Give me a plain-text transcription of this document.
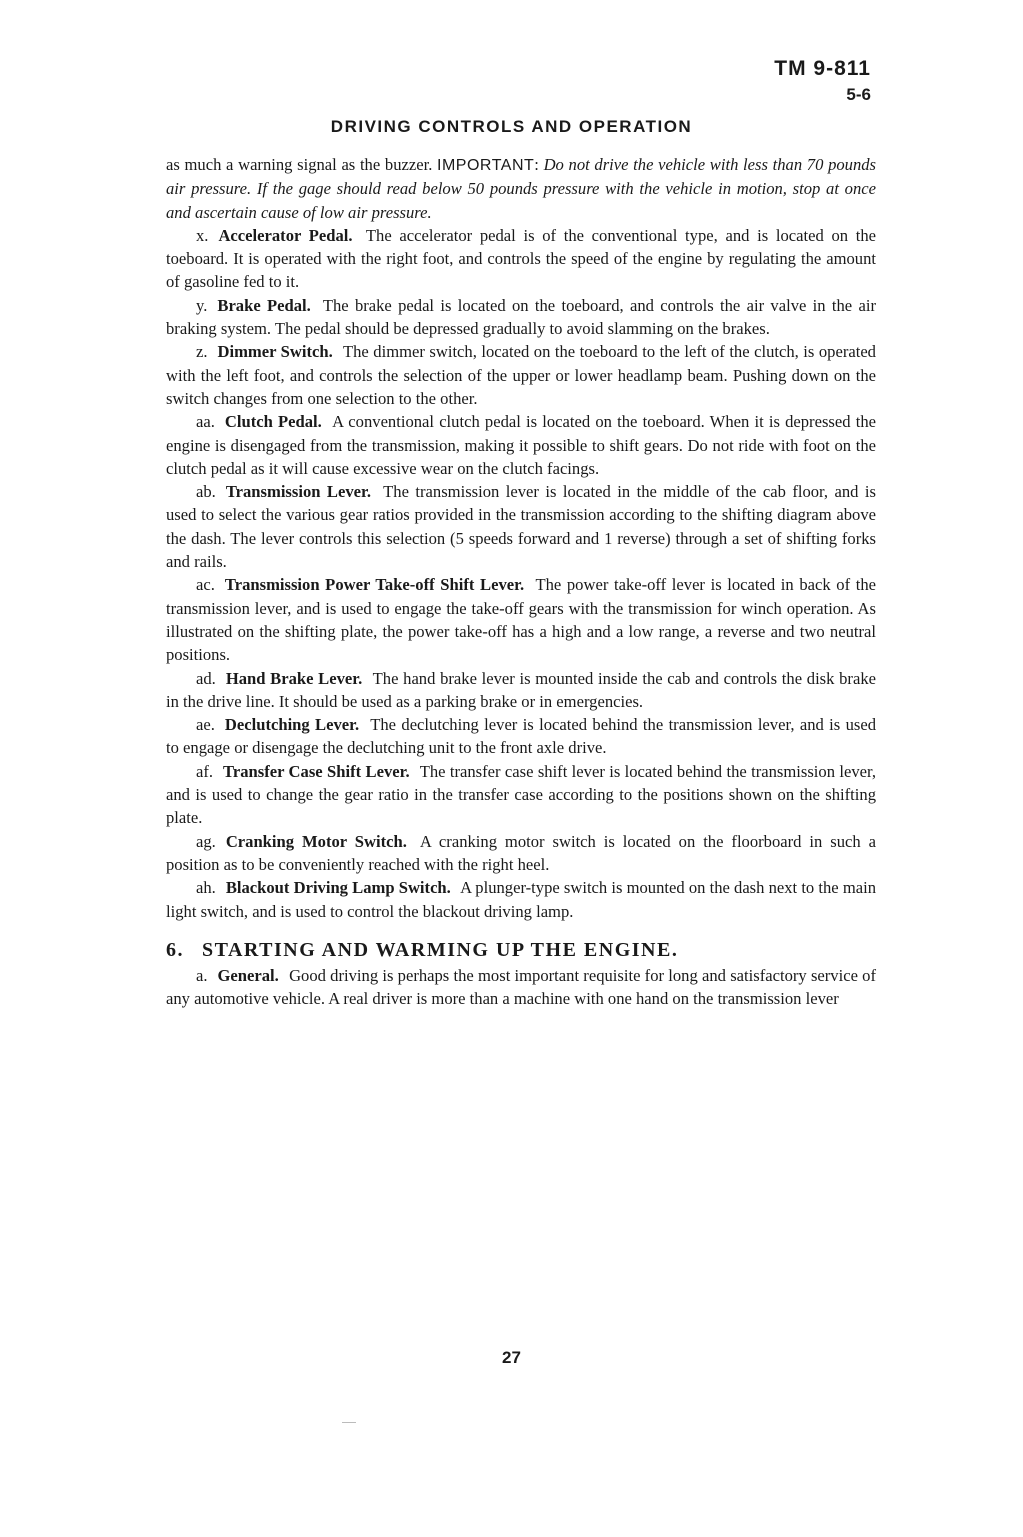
TM 9-811
5-6
DRIVING CONTROLS AND OPERATION

as much a warning signal as the buzzer. IMPORTANT: Do not drive the vehicle with less than 70 pounds air pressure. If the gage should read below 50 pounds pressure with the vehicle in motion, stop at once and ascertain cause of low air pressure.

x. Accelerator Pedal. The accelerator pedal is of the conventional type, and is located on the toeboard. It is operated with the right foot, and controls the speed of the engine by regulating the amount of gasoline fed to it.

y. Brake Pedal. The brake pedal is located on the toeboard, and controls the air valve in the air braking system. The pedal should be depressed gradually to avoid slamming on the brakes.

z. Dimmer Switch. The dimmer switch, located on the toeboard to the left of the clutch, is operated with the left foot, and controls the selection of the upper or lower headlamp beam. Pushing down on the switch changes from one selection to the other.

aa. Clutch Pedal. A conventional clutch pedal is located on the toeboard. When it is depressed the engine is disengaged from the transmission, making it possible to shift gears. Do not ride with foot on the clutch pedal as it will cause excessive wear on the clutch facings.

ab. Transmission Lever. The transmission lever is located in the middle of the cab floor, and is used to select the various gear ratios provided in the transmission according to the shifting diagram above the dash. The lever controls this selection (5 speeds forward and 1 reverse) through a set of shifting forks and rails.

ac. Transmission Power Take-off Shift Lever. The power take-off lever is located in back of the transmission lever, and is used to engage the take-off gears with the transmission for winch operation. As illustrated on the shifting plate, the power take-off has a high and a low range, a reverse and two neutral positions.

ad. Hand Brake Lever. The hand brake lever is mounted inside the cab and controls the disk brake in the drive line. It should be used as a parking brake or in emergencies.

ae. Declutching Lever. The declutching lever is located behind the transmission lever, and is used to engage or disengage the declutching unit to the front axle drive.

af. Transfer Case Shift Lever. The transfer case shift lever is located behind the transmission lever, and is used to change the gear ratio in the transfer case according to the positions shown on the shifting plate.

ag. Cranking Motor Switch. A cranking motor switch is located on the floorboard in such a position as to be conveniently reached with the right heel.

ah. Blackout Driving Lamp Switch. A plunger-type switch is mounted on the dash next to the main light switch, and is used to control the blackout driving lamp.

6. STARTING AND WARMING UP THE ENGINE.

a. General. Good driving is perhaps the most important requisite for long and satisfactory service of any automotive vehicle. A real driver is more than a machine with one hand on the transmission lever

27
